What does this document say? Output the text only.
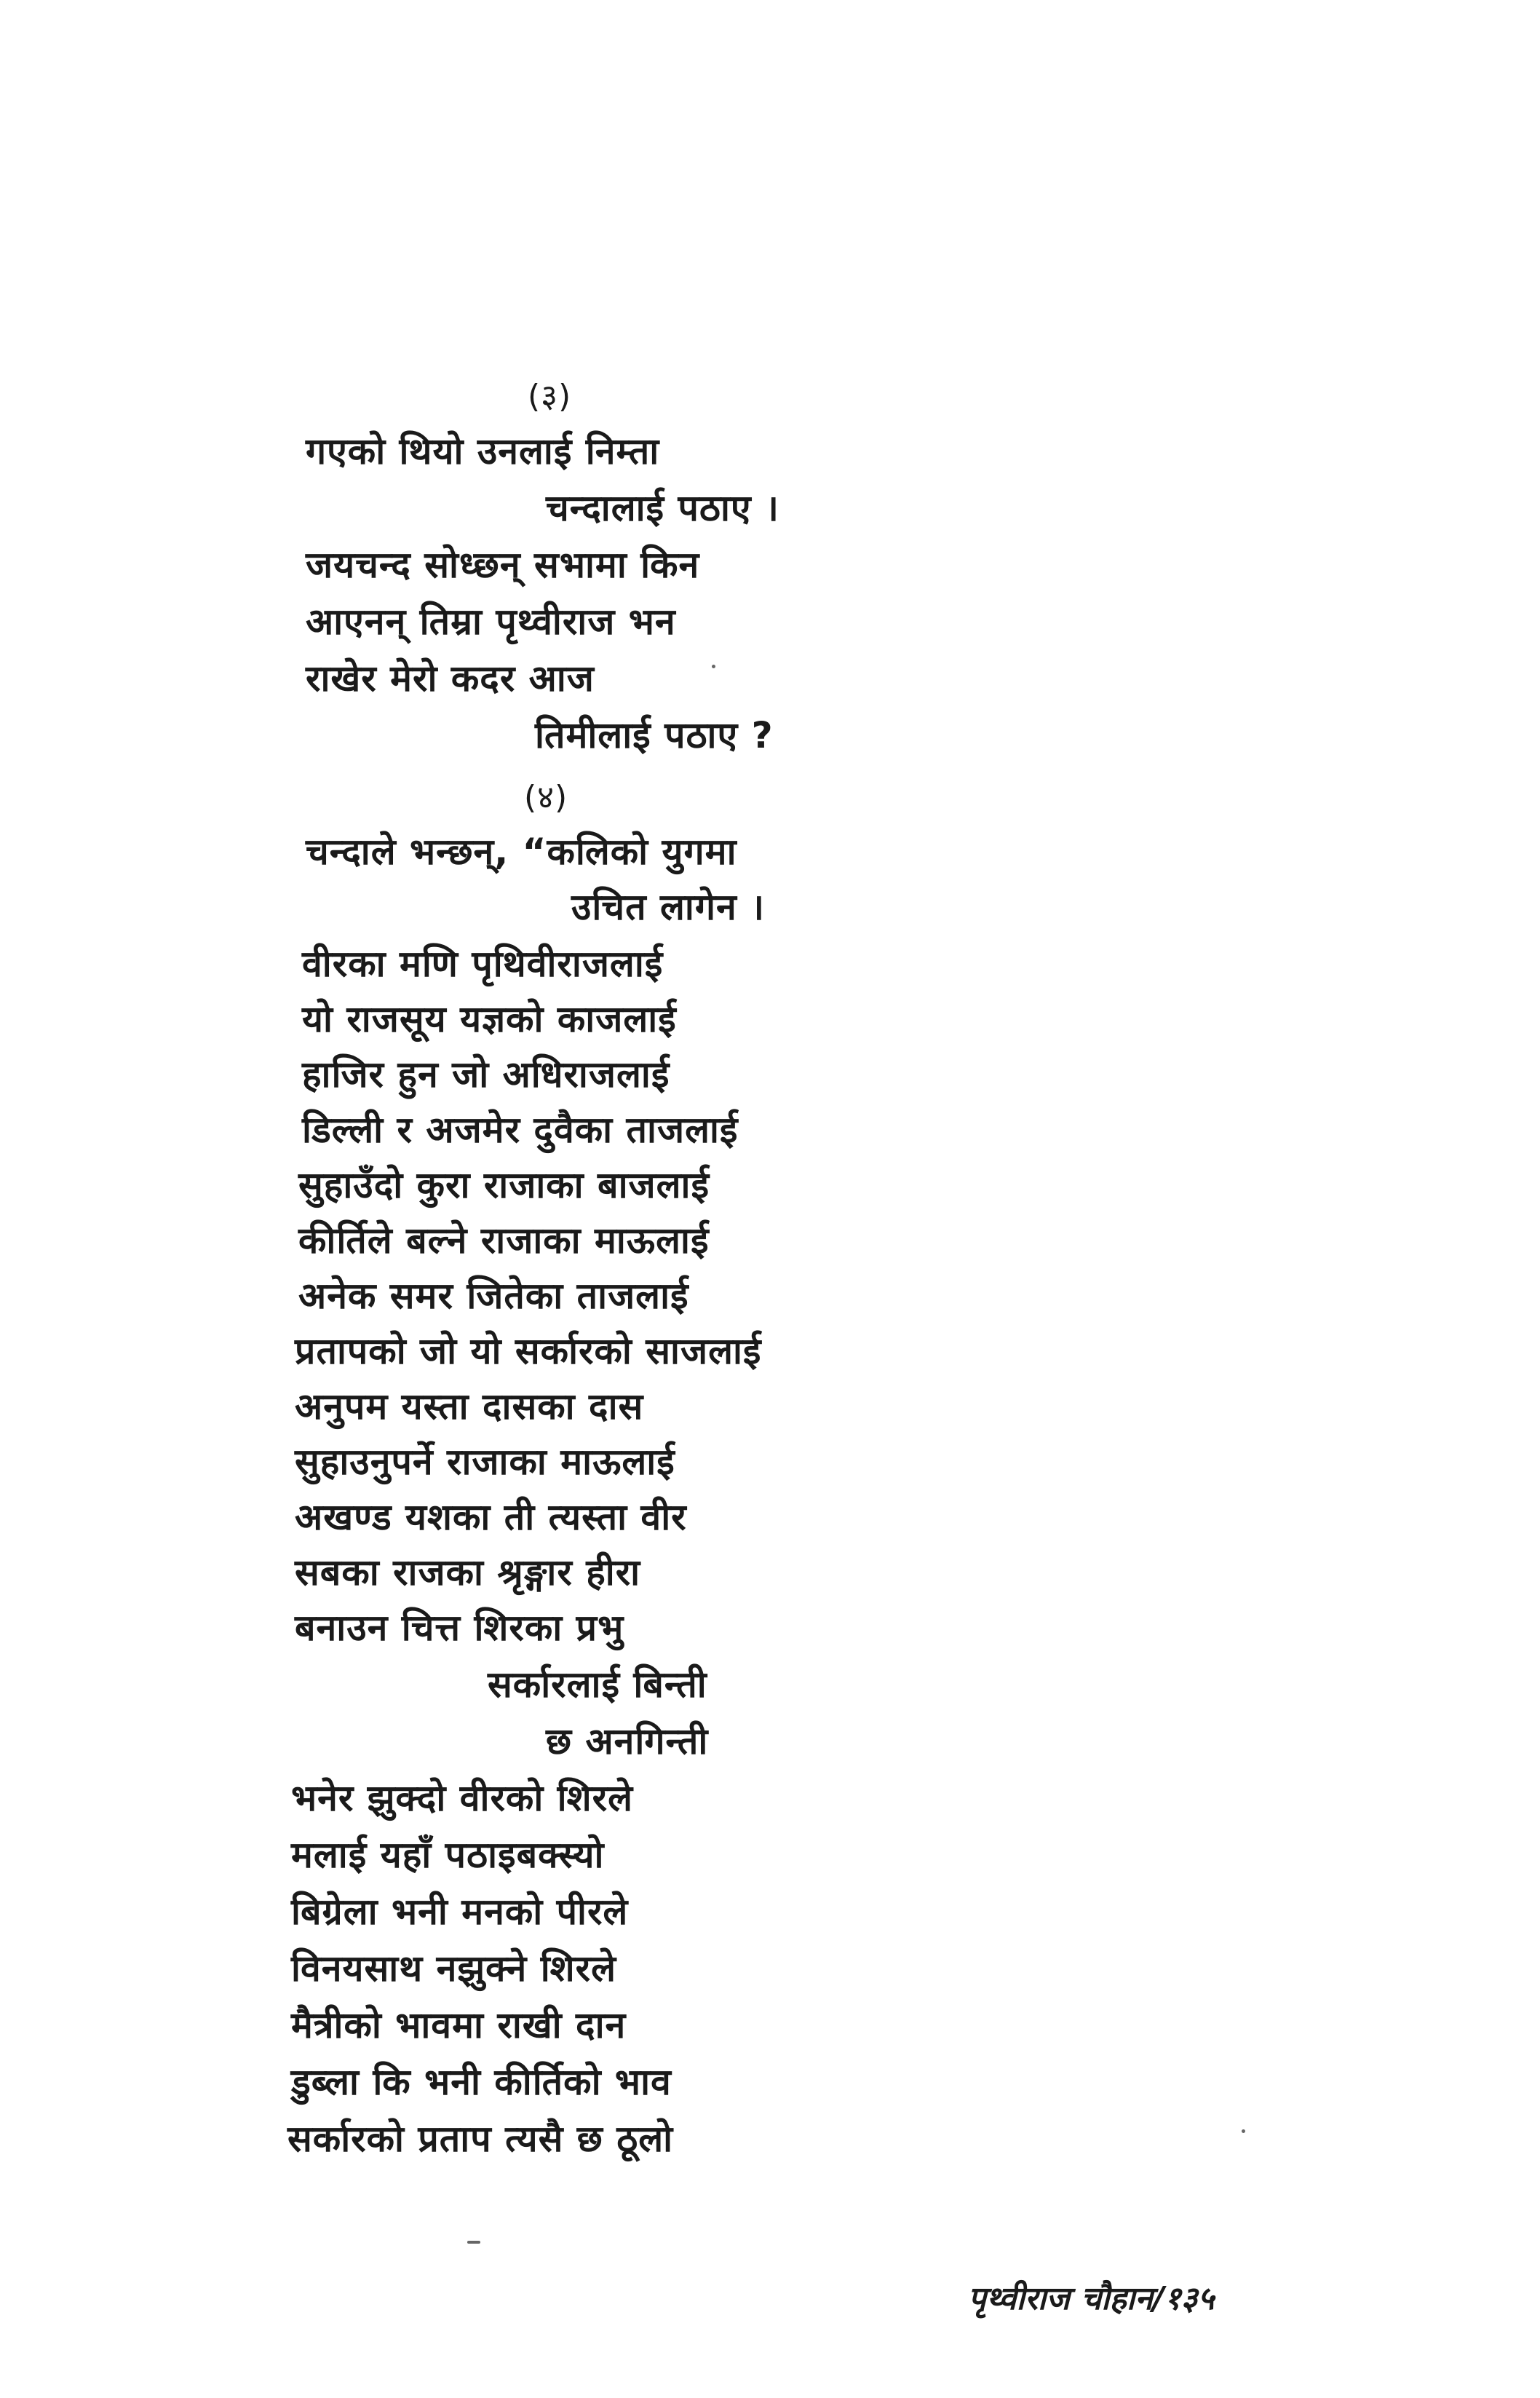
(३)
गएको थियो उनलाई निम्ता
चन्दालाई पठाए ।
जयचन्द सोध्छन् सभामा किन
आएनन् तिम्रा पृथ्वीराज भन
राखेर मेरो कदर आज
तिमीलाई पठाए ?
(४)
चन्दाले भन्छन्, “कलिको युगमा
उचित लागेन ।
वीरका मणि पृथिवीराजलाई
यो राजसूय यज्ञको काजलाई
हाजिर हुन जो अधिराजलाई
डिल्ली र अजमेर दुवैका ताजलाई
सुहाउँदो कुरा राजाका बाजलाई
कीर्तिले बल्ने राजाका माऊलाई
अनेक समर जितेका ताजलाई
प्रतापको जो यो सर्कारको साजलाई
अनुपम यस्ता दासका दास
सुहाउनुपर्ने राजाका माऊलाई
अखण्ड यशका ती त्यस्ता वीर
सबका राजका श्रृङ्गार हीरा
बनाउन चित्त शिरका प्रभु
सर्कारलाई बिन्ती
छ अनगिन्ती
भनेर झुक्दो वीरको शिरले
मलाई यहाँ पठाइबक्स्यो
बिग्रेला भनी मनको पीरले
विनयसाथ नझुक्ने शिरले
मैत्रीको भावमा राखी दान
डुब्ला कि भनी कीर्तिको भाव
सर्कारको प्रताप त्यसै छ ठूलो
पृथ्वीराज चौहान/१३५
